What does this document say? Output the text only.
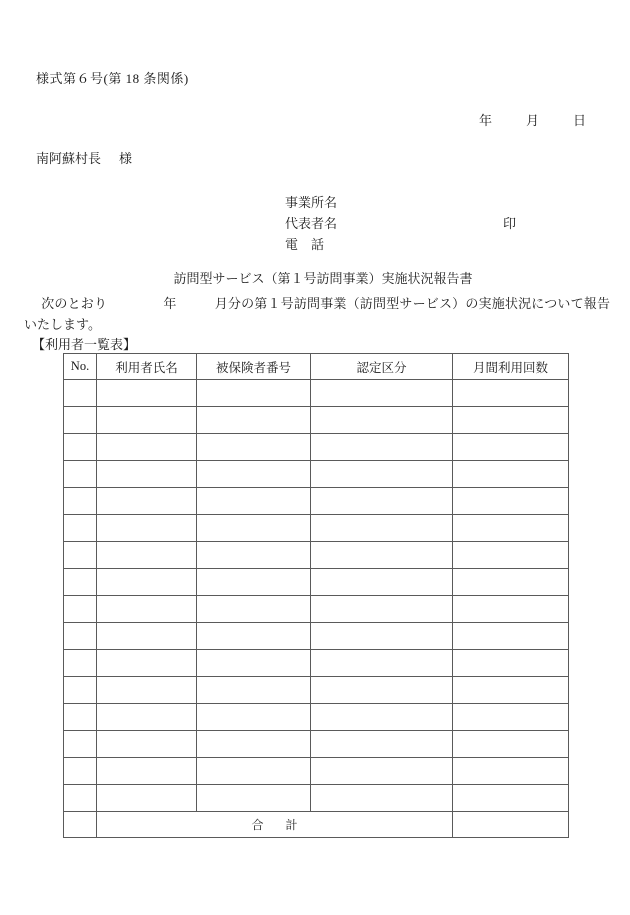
様式第６号(第 18 条関係)
年	月	日
南阿蘇村長 様
事業所名
代表者名	印
電 話
訪問型サービス（第１号訪問事業）実施状況報告書
次のとおり	年	月分の第１号訪問事業（訪問型サービス）の実施状況について報告いたします。
【利用者一覧表】
No.	利用者氏名	被保険者番号	認定区分	月間利用回数

	合 計			
